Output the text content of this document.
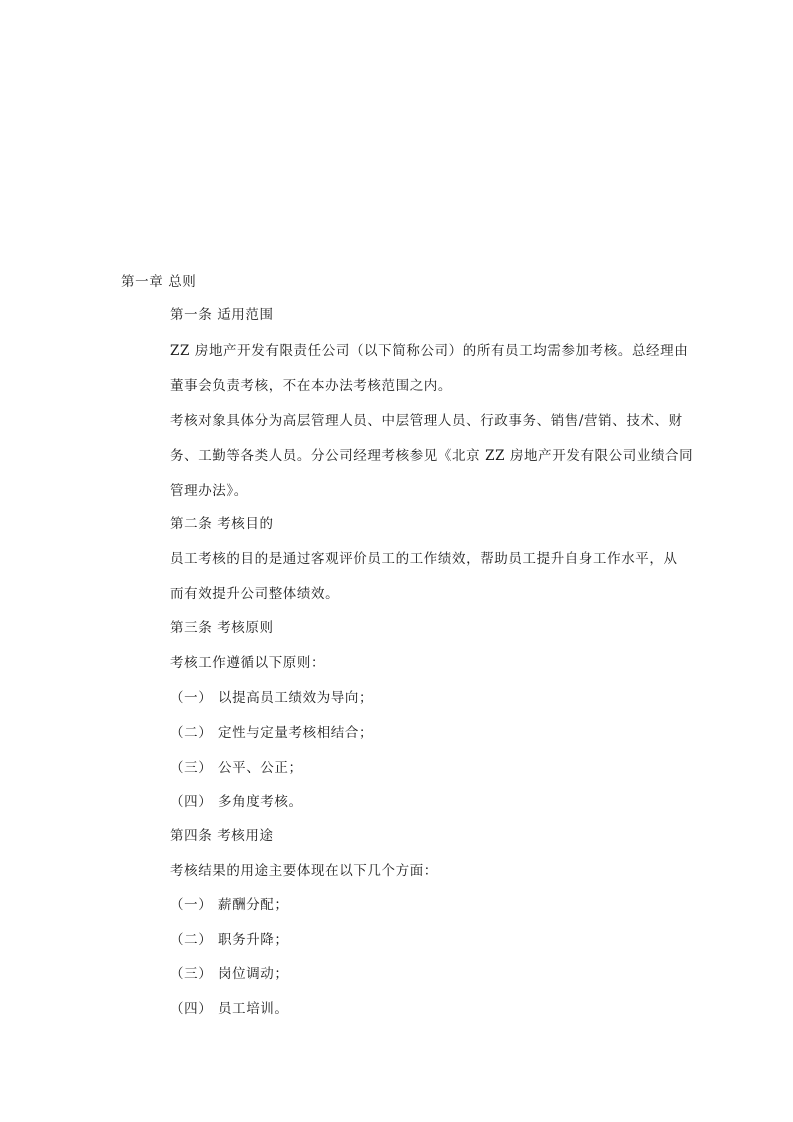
第一章 总则
第一条 适用范围
ZZ 房地产开发有限责任公司（以下简称公司）的所有员工均需参加考核。总经理由
董事会负责考核，不在本办法考核范围之内。
考核对象具体分为高层管理人员、中层管理人员、行政事务、销售/营销、技术、财
务、工勤等各类人员。分公司经理考核参见《北京 ZZ 房地产开发有限公司业绩合同
管理办法》。
第二条 考核目的
员工考核的目的是通过客观评价员工的工作绩效，帮助员工提升自身工作水平，从
而有效提升公司整体绩效。
第三条 考核原则
考核工作遵循以下原则：
（一） 以提高员工绩效为导向；
（二） 定性与定量考核相结合；
（三） 公平、公正；
（四） 多角度考核。
第四条 考核用途
考核结果的用途主要体现在以下几个方面：
（一） 薪酬分配；
（二） 职务升降；
（三） 岗位调动；
（四） 员工培训。
